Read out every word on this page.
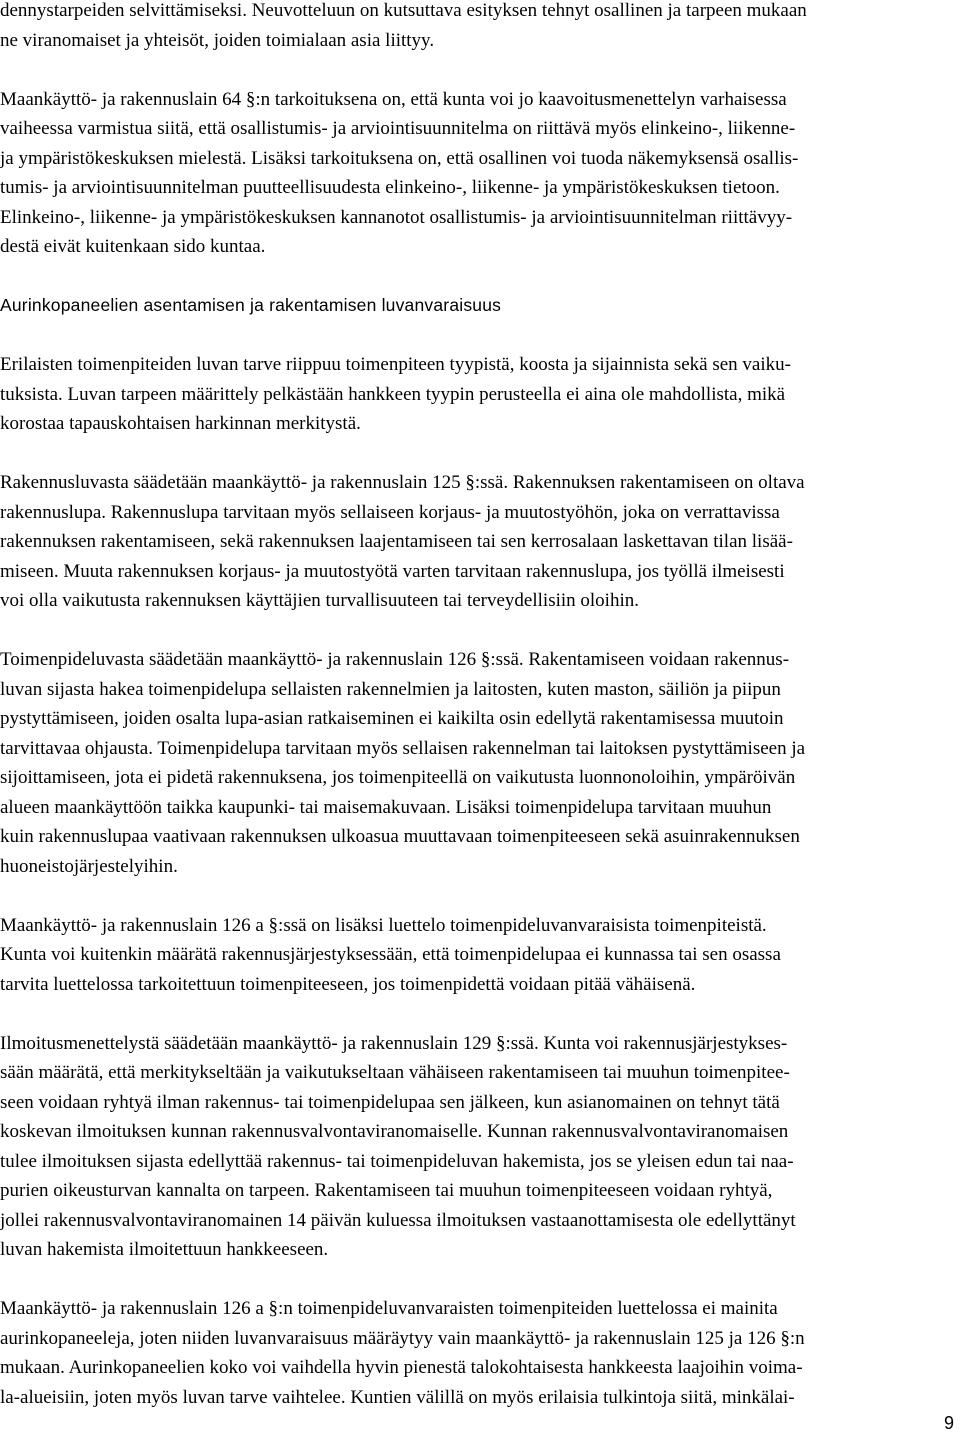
dennystarpeiden selvittämiseksi. Neuvotteluun on kutsuttava esityksen tehnyt osallinen ja tarpeen mukaan
ne viranomaiset ja yhteisöt, joiden toimialaan asia liittyy.
Maankäyttö- ja rakennuslain 64 §:n tarkoituksena on, että kunta voi jo kaavoitusmenettelyn varhaisessa
vaiheessa varmistua siitä, että osallistumis- ja arviointisuunnitelma on riittävä myös elinkeino-, liikenne-
ja ympäristökeskuksen mielestä. Lisäksi tarkoituksena on, että osallinen voi tuoda näkemyksensä osallis-
tumis- ja arviointisuunnitelman puutteellisuudesta elinkeino-, liikenne- ja ympäristökeskuksen tietoon.
Elinkeino-, liikenne- ja ympäristökeskuksen kannanotot osallistumis- ja arviointisuunnitelman riittävyy-
destä eivät kuitenkaan sido kuntaa.
Aurinkopaneelien asentamisen ja rakentamisen luvanvaraisuus
Erilaisten toimenpiteiden luvan tarve riippuu toimenpiteen tyypistä, koosta ja sijainnista sekä sen vaiku-
tuksista. Luvan tarpeen määrittely pelkästään hankkeen tyypin perusteella ei aina ole mahdollista, mikä
korostaa tapauskohtaisen harkinnan merkitystä.
Rakennusluvasta säädetään maankäyttö- ja rakennuslain 125 §:ssä. Rakennuksen rakentamiseen on oltava
rakennuslupa. Rakennuslupa tarvitaan myös sellaiseen korjaus- ja muutostyöhön, joka on verrattavissa
rakennuksen rakentamiseen, sekä rakennuksen laajentamiseen tai sen kerrosalaan laskettavan tilan lisää-
miseen. Muuta rakennuksen korjaus- ja muutostyötä varten tarvitaan rakennuslupa, jos työllä ilmeisesti
voi olla vaikutusta rakennuksen käyttäjien turvallisuuteen tai terveydellisiin oloihin.
Toimenpideluvasta säädetään maankäyttö- ja rakennuslain 126 §:ssä. Rakentamiseen voidaan rakennus-
luvan sijasta hakea toimenpidelupa sellaisten rakennelmien ja laitosten, kuten maston, säiliön ja piipun
pystyttämiseen, joiden osalta lupa-asian ratkaiseminen ei kaikilta osin edellytä rakentamisessa muutoin
tarvittavaa ohjausta. Toimenpidelupa tarvitaan myös sellaisen rakennelman tai laitoksen pystyttämiseen ja
sijoittamiseen, jota ei pidetä rakennuksena, jos toimenpiteellä on vaikutusta luonnonoloihin, ympäröivän
alueen maankäyttöön taikka kaupunki- tai maisemakuvaan. Lisäksi toimenpidelupa tarvitaan muuhun
kuin rakennuslupaa vaativaan rakennuksen ulkoasua muuttavaan toimenpiteeseen sekä asuinrakennuksen
huoneistojärjestelyihin.
Maankäyttö- ja rakennuslain 126 a §:ssä on lisäksi luettelo toimenpideluvanvaraisista toimenpiteistä.
Kunta voi kuitenkin määrätä rakennusjärjestyksessään, että toimenpidelupaa ei kunnassa tai sen osassa
tarvita luettelossa tarkoitettuun toimenpiteeseen, jos toimenpidettä voidaan pitää vähäisenä.
Ilmoitusmenettelystä säädetään maankäyttö- ja rakennuslain 129 §:ssä. Kunta voi rakennusjärjestykses-
sään määrätä, että merkitykseltään ja vaikutukseltaan vähäiseen rakentamiseen tai muuhun toimenpitee-
seen voidaan ryhtyä ilman rakennus- tai toimenpidelupaa sen jälkeen, kun asianomainen on tehnyt tätä
koskevan ilmoituksen kunnan rakennusvalvontaviranomaiselle. Kunnan rakennusvalvontaviranomaisen
tulee ilmoituksen sijasta edellyttää rakennus- tai toimenpideluvan hakemista, jos se yleisen edun tai naa-
purien oikeusturvan kannalta on tarpeen. Rakentamiseen tai muuhun toimenpiteeseen voidaan ryhtyä,
jollei rakennusvalvontaviranomainen 14 päivän kuluessa ilmoituksen vastaanottamisesta ole edellyttänyt
luvan hakemista ilmoitettuun hankkeeseen.
Maankäyttö- ja rakennuslain 126 a §:n toimenpideluvanvaraisten toimenpiteiden luettelossa ei mainita
aurinkopaneeleja, joten niiden luvanvaraisuus määräytyy vain maankäyttö- ja rakennuslain 125 ja 126 §:n
mukaan. Aurinkopaneelien koko voi vaihdella hyvin pienestä talokohtaisesta hankkeesta laajoihin voima-
la-alueisiin, joten myös luvan tarve vaihtelee. Kuntien välillä on myös erilaisia tulkintoja siitä, minkälai-
9
